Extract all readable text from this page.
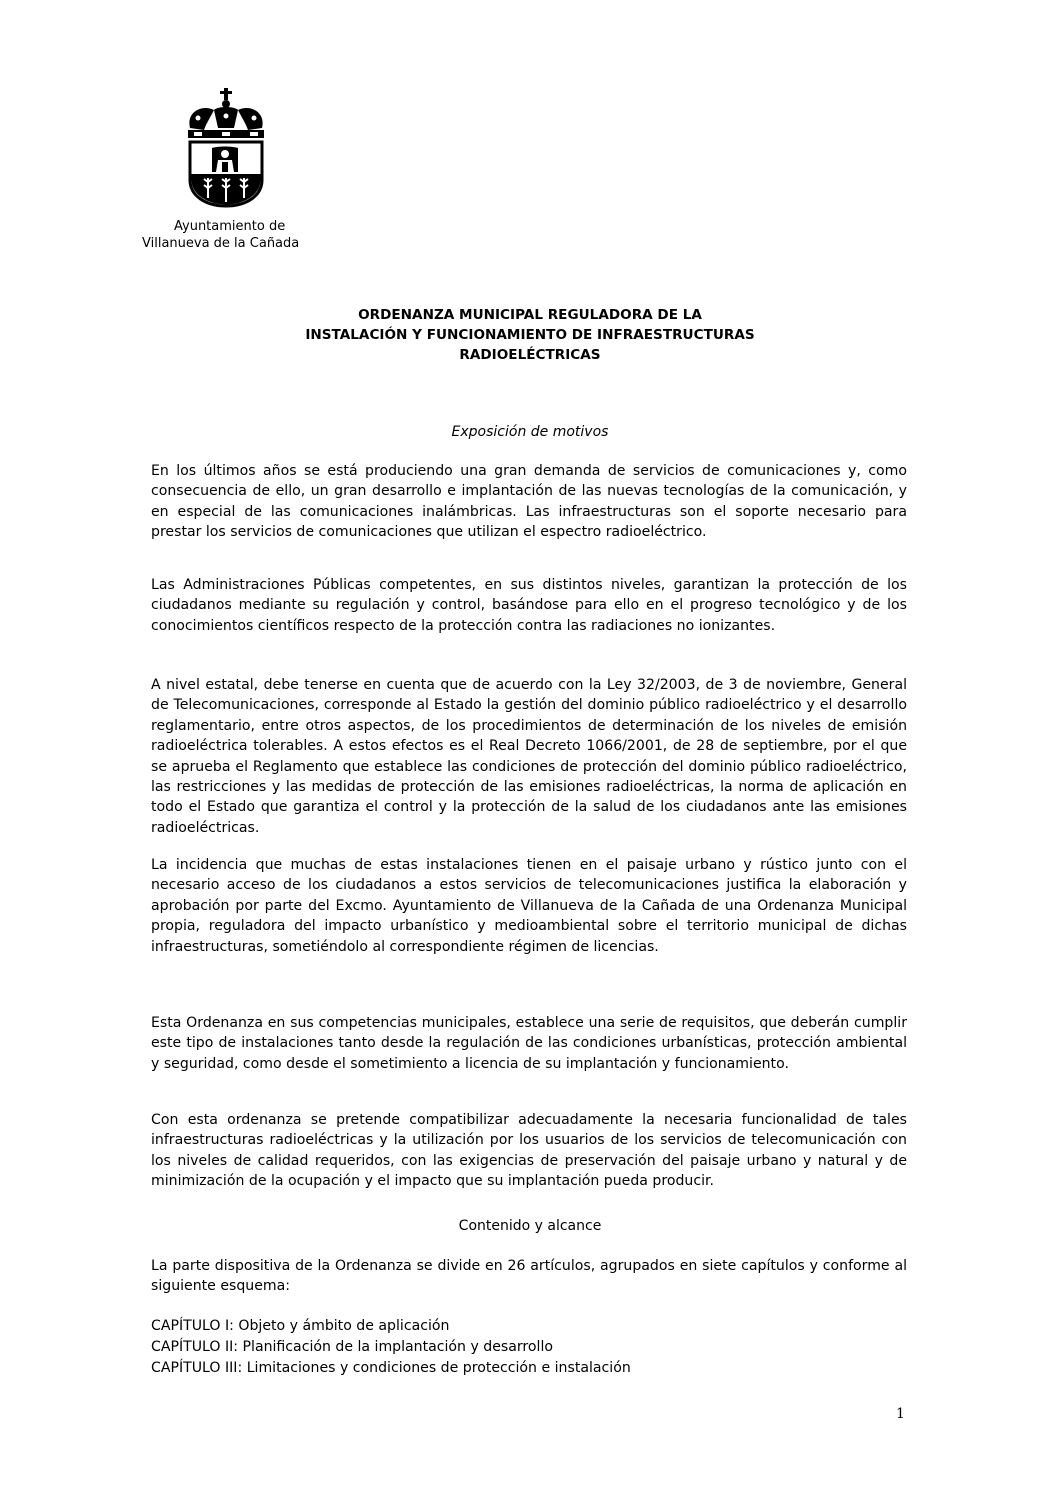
Ayuntamiento de
Villanueva de la Cañada
ORDENANZA MUNICIPAL REGULADORA DE LA
INSTALACIÓN Y FUNCIONAMIENTO DE INFRAESTRUCTURAS
RADIOELÉCTRICAS
Exposición de motivos

En los últimos años se está produciendo una gran demanda de servicios de comunicaciones y, como consecuencia de ello, un gran desarrollo e implantación de las nuevas tecnologías de la comunicación, y en especial de las comunicaciones inalámbricas. Las infraestructuras son el soporte necesario para prestar los servicios de comunicaciones que utilizan el espectro radioeléctrico.

Las Administraciones Públicas competentes, en sus distintos niveles, garantizan la protección de los ciudadanos mediante su regulación y control, basándose para ello en el progreso tecnológico y de los conocimientos científicos respecto de la protección contra las radiaciones no ionizantes.

A nivel estatal, debe tenerse en cuenta que de acuerdo con la Ley 32/2003, de 3 de noviembre, General de Telecomunicaciones, corresponde al Estado la gestión del dominio público radioeléctrico y el desarrollo reglamentario, entre otros aspectos, de los procedimientos de determinación de los niveles de emisión radioeléctrica tolerables. A estos efectos es el Real Decreto 1066/2001, de 28 de septiembre, por el que se aprueba el Reglamento que establece las condiciones de protección del dominio público radioeléctrico, las restricciones y las medidas de protección de las emisiones radioeléctricas, la norma de aplicación en todo el Estado que garantiza el control y la protección de la salud de los ciudadanos ante las emisiones radioeléctricas.

La incidencia que muchas de estas instalaciones tienen en el paisaje urbano y rústico junto con el necesario acceso de los ciudadanos a estos servicios de telecomunicaciones justifica la elaboración y aprobación por parte del Excmo. Ayuntamiento de Villanueva de la Cañada de una Ordenanza Municipal propia, reguladora del impacto urbanístico y medioambiental sobre el territorio municipal de dichas infraestructuras, sometiéndolo al correspondiente régimen de licencias.

Esta Ordenanza en sus competencias municipales, establece una serie de requisitos, que deberán cumplir este tipo de instalaciones tanto desde la regulación de las condiciones urbanísticas, protección ambiental y seguridad, como desde el sometimiento a licencia de su implantación y funcionamiento.

Con esta ordenanza se pretende compatibilizar adecuadamente la necesaria funcionalidad de tales infraestructuras radioeléctricas y la utilización por los usuarios de los servicios de telecomunicación con los niveles de calidad requeridos, con las exigencias de preservación del paisaje urbano y natural y de minimización de la ocupación y el impacto que su implantación pueda producir.

Contenido y alcance

La parte dispositiva de la Ordenanza se divide en 26 artículos, agrupados en siete capítulos y conforme al siguiente esquema:

CAPÍTULO I: Objeto y ámbito de aplicación
CAPÍTULO II: Planificación de la implantación y desarrollo
CAPÍTULO III: Limitaciones y condiciones de protección e instalación
1
